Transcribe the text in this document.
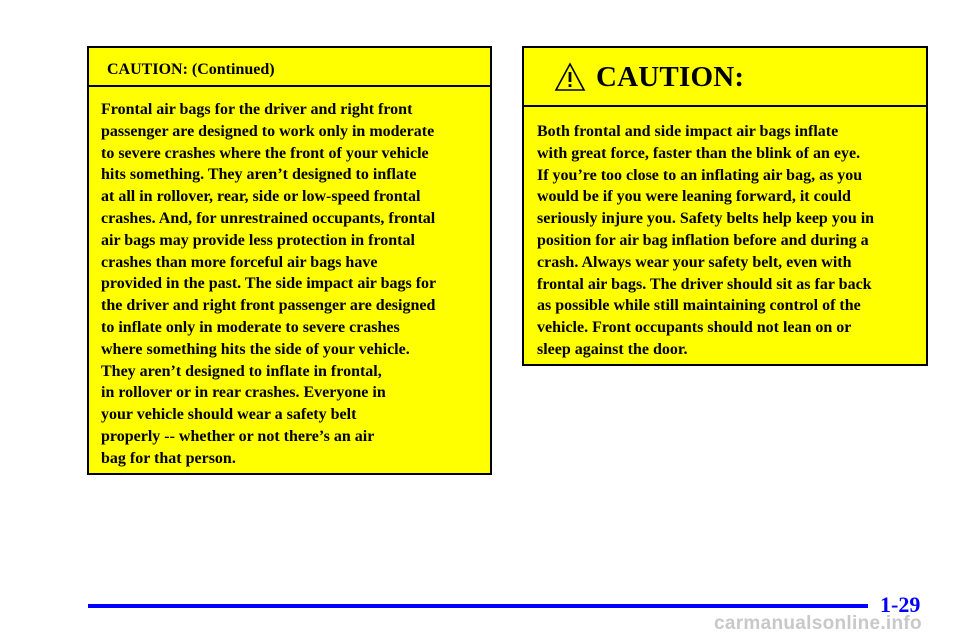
CAUTION: (Continued)
Frontal air bags for the driver and right front
passenger are designed to work only in moderate
to severe crashes where the front of your vehicle
hits something. They aren’t designed to inflate
at all in rollover, rear, side or low-speed frontal
crashes. And, for unrestrained occupants, frontal
air bags may provide less protection in frontal
crashes than more forceful air bags have
provided in the past. The side impact air bags for
the driver and right front passenger are designed
to inflate only in moderate to severe crashes
where something hits the side of your vehicle.
They aren’t designed to inflate in frontal,
in rollover or in rear crashes. Everyone in
your vehicle should wear a safety belt
properly -- whether or not there’s an air
bag for that person.
CAUTION:
Both frontal and side impact air bags inflate
with great force, faster than the blink of an eye.
If you’re too close to an inflating air bag, as you
would be if you were leaning forward, it could
seriously injure you. Safety belts help keep you in
position for air bag inflation before and during a
crash. Always wear your safety belt, even with
frontal air bags. The driver should sit as far back
as possible while still maintaining control of the
vehicle. Front occupants should not lean on or
sleep against the door.
1-29
carmanualsonline.info
